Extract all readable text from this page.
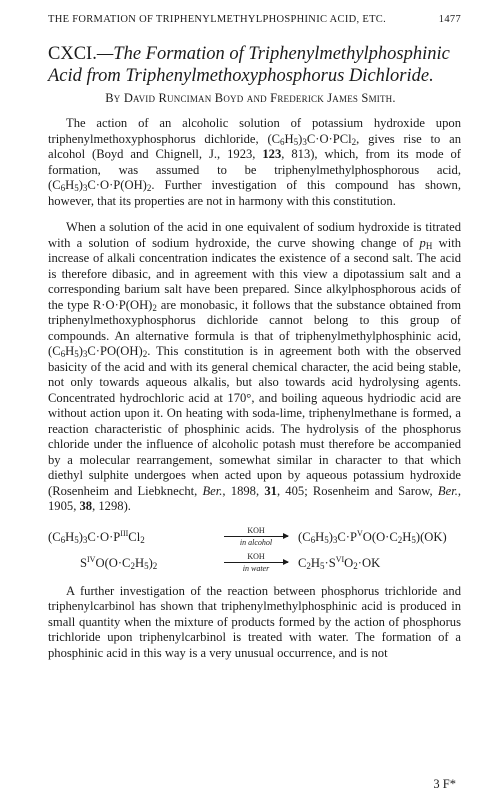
THE FORMATION OF TRIPHENYLMETHYLPHOSPHINIC ACID, ETC.	1477
CXCI.—The Formation of Triphenylmethylphosphinic Acid from Triphenylmethoxyphosphorus Dichloride.
By David Runciman Boyd and Frederick James Smith.

The action of an alcoholic solution of potassium hydroxide upon triphenylmethoxyphosphorus dichloride, $(C_6H_5)_3C\cdot O\cdot PCl_2$, gives rise to an alcohol (Boyd and Chignell, J., 1923, 123, 813), which, from its mode of formation, was assumed to be triphenylmethylphosphorous acid, $(C_6H_5)_3C\cdot O\cdot P(OH)_2$. Further investigation of this compound has shown, however, that its properties are not in harmony with this constitution.

When a solution of the acid in one equivalent of sodium hydroxide is titrated with a solution of sodium hydroxide, the curve showing change of $p_H$ with increase of alkali concentration indicates the existence of a second salt. The acid is therefore dibasic, and in agreement with this view a dipotassium salt and a corresponding barium salt have been prepared. Since alkylphosphorous acids of the type $R\cdot O\cdot P(OH)_2$ are monobasic, it follows that the substance obtained from triphenylmethoxyphosphorus dichloride cannot belong to this group of compounds. An alternative formula is that of triphenylmethylphosphinic acid, $(C_6H_5)_3C\cdot PO(OH)_2$. This constitution is in agreement both with the observed basicity of the acid and with its general chemical character, the acid being stable, not only towards aqueous alkalis, but also towards acid hydrolysing agents. Concentrated hydrochloric acid at 170°, and boiling aqueous hydriodic acid are without action upon it. On heating with soda-lime, triphenylmethane is formed, a reaction characteristic of phosphinic acids. The hydrolysis of the phosphorus chloride under the influence of alcoholic potash must therefore be accompanied by a molecular rearrangement, somewhat similar in character to that which diethyl sulphite undergoes when acted upon by aqueous potassium hydroxide (Rosenheim and Liebknecht, Ber., 1898, 31, 405; Rosenheim and Sarow, Ber., 1905, 38, 1298).

$(C_6H_5)_3C\cdot O\cdot P^{III}Cl_2$
KOH
in alcohol	$(C_6H_5)_3C\cdot P^VO(O\cdot C_2H_5)(OK)$
$S^{IV}O(O\cdot C_2H_5)_2$
KOH
in water	$C_2H_5\cdot S^{VI}O_2\cdot OK$

A further investigation of the reaction between phosphorus trichloride and triphenylcarbinol has shown that triphenylmethylphosphinic acid is produced in small quantity when the mixture of products formed by the action of phosphorus trichloride upon triphenylcarbinol is treated with water. The formation of a phosphinic acid in this way is a very unusual occurrence, and is not

3 F*
